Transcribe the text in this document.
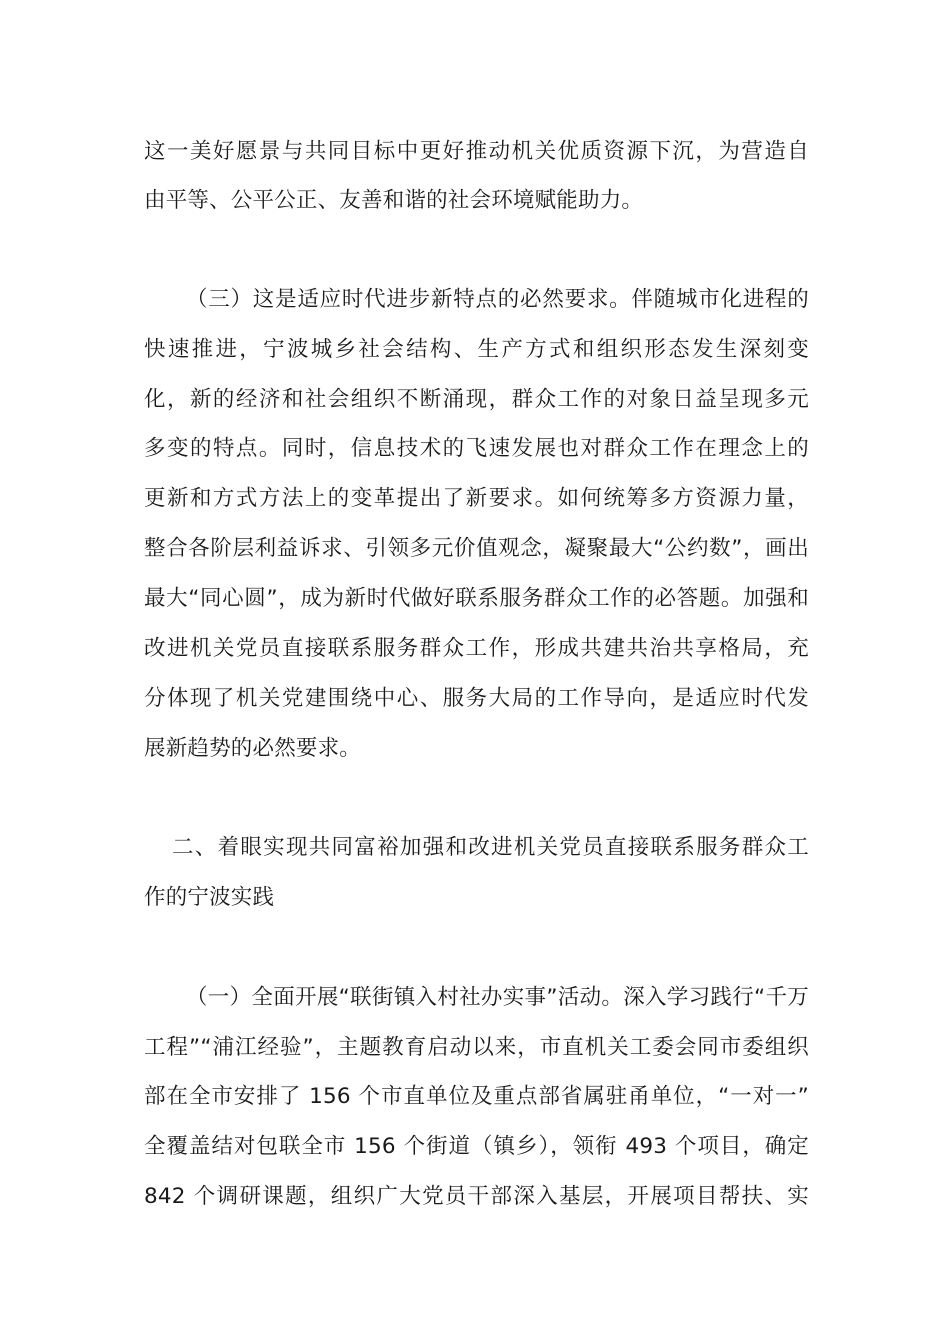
这一美好愿景与共同目标中更好推动机关优质资源下沉，为营造自
由平等、公平公正、友善和谐的社会环境赋能助力。
（三）这是适应时代进步新特点的必然要求。伴随城市化进程的
快速推进，宁波城乡社会结构、生产方式和组织形态发生深刻变
化，新的经济和社会组织不断涌现，群众工作的对象日益呈现多元
多变的特点。同时，信息技术的飞速发展也对群众工作在理念上的
更新和方式方法上的变革提出了新要求。如何统筹多方资源力量，
整合各阶层利益诉求、引领多元价值观念，凝聚最大“公约数”，画出
最大“同心圆”，成为新时代做好联系服务群众工作的必答题。加强和
改进机关党员直接联系服务群众工作，形成共建共治共享格局，充
分体现了机关党建围绕中心、服务大局的工作导向，是适应时代发
展新趋势的必然要求。
二、着眼实现共同富裕加强和改进机关党员直接联系服务群众工
作的宁波实践
（一）全面开展“联街镇入村社办实事”活动。深入学习践行“千万
工程”“浦江经验”，主题教育启动以来，市直机关工委会同市委组织
部在全市安排了 156 个市直单位及重点部省属驻甬单位，“一对一”
全覆盖结对包联全市 156 个街道（镇乡），领衔 493 个项目，确定
842 个调研课题，组织广大党员干部深入基层，开展项目帮扶、实
